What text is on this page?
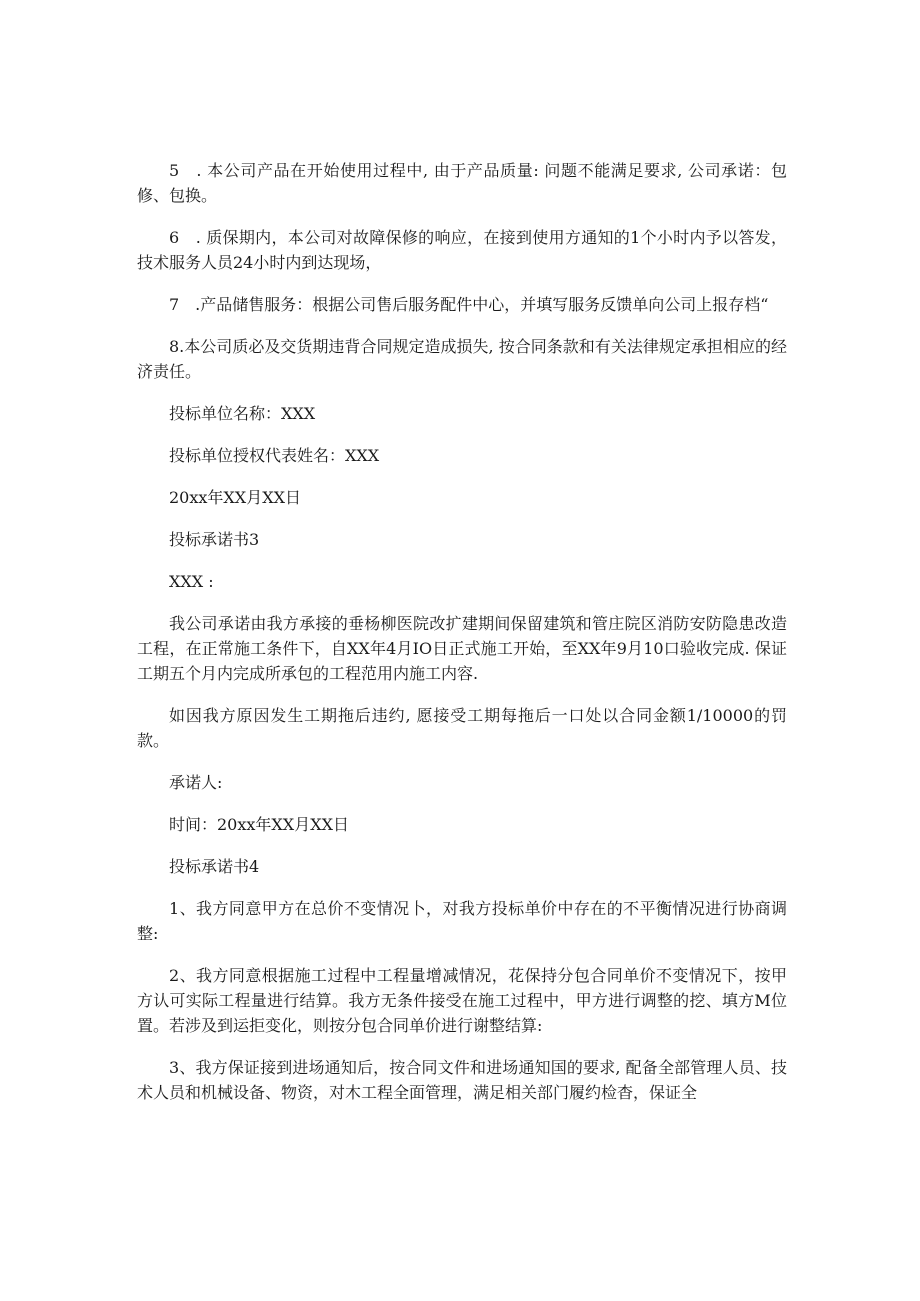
5　. 本公司产品在开始使用过程中, 由于产品质量: 问题不能满足要求, 公司承诺：包修、包换。

6　. 质保期内，本公司对故障保修的响应，在接到使用方通知的1个小时内予以答发，技术服务人员24小时内到达现场，

7　.产品储售服务：根据公司售后服务配件中心，并填写服务反馈单向公司上报存档“

8.本公司质必及交货期违背合同规定造成损失, 按合同条款和有关法律规定承担相应的经济责任。

投标单位名称：XXX

投标单位授权代表姓名：XXX

20xx年XX月XX日

投标承诺书3

XXX :

我公司承诺由我方承接的垂杨柳医院改扩建期间保留建筑和管庄院区消防安防隐患改造工程，在正常施工条件下，自XX年4月IO日正式施工开始，至XX年9月10口验收完成. 保证工期五个月内完成所承包的工程范用内施工内容.

如因我方原因发生工期拖后违约, 愿接受工期每拖后一口处以合同金额1/10000的罚款。

承诺人:

时间：20xx年XX月XX日

投标承诺书4

1、我方同意甲方在总价不变情况卜，对我方投标单价中存在的不平衡情况进行协商调整:

2、我方同意根据施工过程中工程量增减情况，花保持分包合同单价不变情况下，按甲方认可实际工程量进行结算。我方无条件接受在施工过程中，甲方进行调整的挖、填方M位置。若涉及到运拒变化，则按分包合同单价进行谢整结算:

3、我方保证接到进场通知后，按合同文件和进场通知国的要求, 配备全部管理人员、技术人员和机械设备、物资，对木工程全面管理，满足相关部门履约检杳，保证全
